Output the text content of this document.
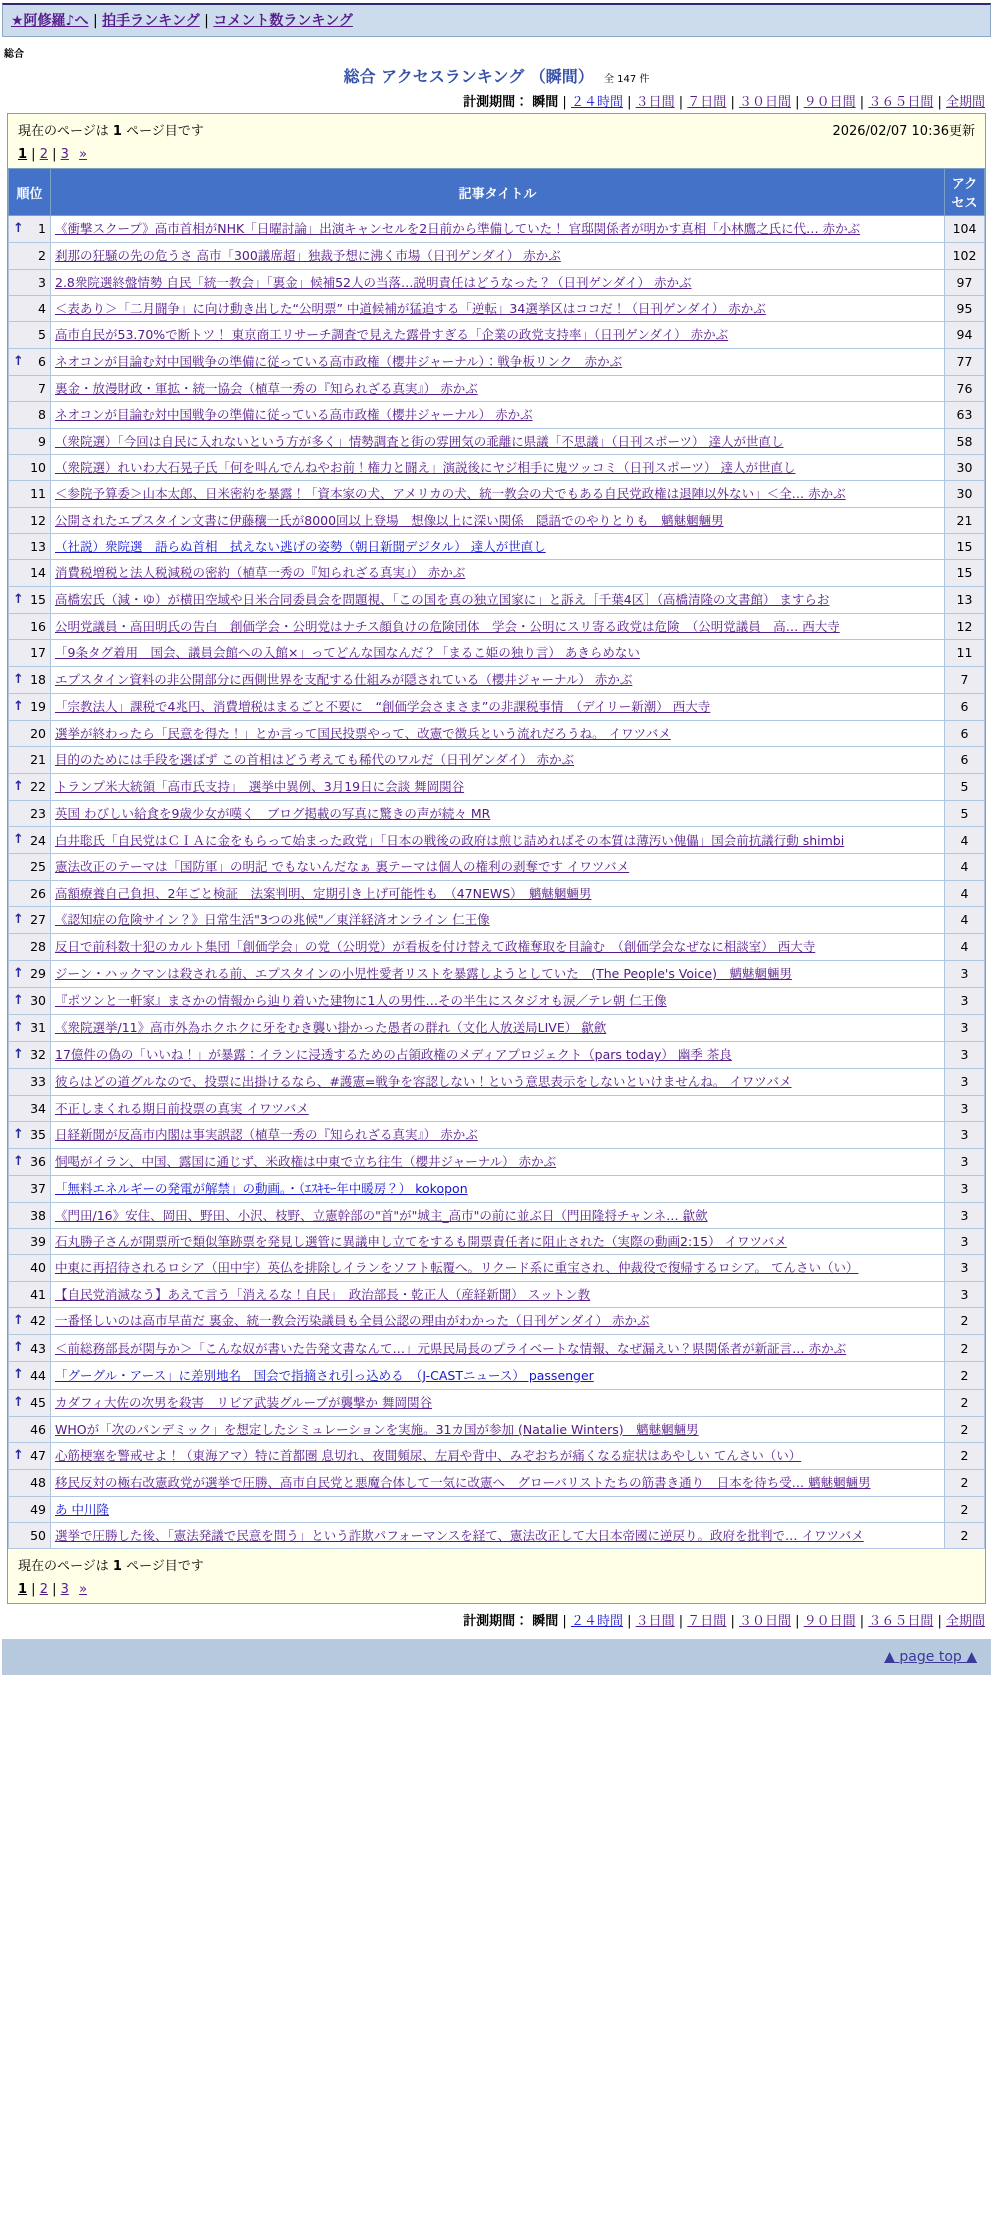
★阿修羅♪へ | 拍手ランキング | コメント数ランキング
総合
総合 アクセスランキング （瞬間） 全 147 件
計測期間： 瞬間 | ２４時間 | ３日間 | ７日間 | ３０日間 | ９０日間 | ３６５日間 | 全期間
現在のページは 1 ページ目です	2026/02/07 10:36更新
1 | 2 | 3 »
順位	記事タイトル	アクセス

↑ 1	《衝撃スクープ》高市首相がNHK「日曜討論」出演キャンセルを2日前から準備していた！ 官邸関係者が明かす真相「小林鷹之氏に代… 赤かぶ	104

2	刹那の狂騒の先の危うさ 高市「300議席超」独裁予想に沸く市場（日刊ゲンダイ） 赤かぶ	102

3	2.8衆院選終盤情勢 自民「統一教会」「裏金」候補52人の当落…説明責任はどうなった？（日刊ゲンダイ） 赤かぶ	97

4	＜表あり＞「二月闘争」に向け動き出した“公明票” 中道候補が猛追する「逆転」34選挙区はココだ！（日刊ゲンダイ） 赤かぶ	95

5	高市自民が53.70%で断トツ！ 東京商工リサーチ調査で見えた露骨すぎる「企業の政党支持率」（日刊ゲンダイ） 赤かぶ	94

↑ 6	ネオコンが目論む対中国戦争の準備に従っている高市政権（櫻井ジャーナル）：戦争板リンク　赤かぶ	77

7	裏金・放漫財政・軍拡・統一協会（植草一秀の『知られざる真実』） 赤かぶ	76

8	ネオコンが目論む対中国戦争の準備に従っている高市政権（櫻井ジャーナル） 赤かぶ	63

9	（衆院選）「今回は自民に入れないという方が多く」情勢調査と街の雰囲気の乖離に県議「不思議」（日刊スポーツ） 達人が世直し	58

10	（衆院選）れいわ大石晃子氏「何を叫んでんねやお前！権力と闘え」演説後にヤジ相手に鬼ツッコミ（日刊スポーツ） 達人が世直し	30

11	＜参院予算委＞山本太郎、日米密約を暴露！「資本家の犬、アメリカの犬、統一教会の犬でもある自民党政権は退陣以外ない」＜全… 赤かぶ	30

12	公開されたエプスタイン文書に伊藤穰一氏が8000回以上登場　想像以上に深い関係　隠語でのやりとりも　魑魅魍魎男	21

13	（社説）衆院選　語らぬ首相　拭えない逃げの姿勢（朝日新聞デジタル） 達人が世直し	15

14	消費税増税と法人税減税の密約（植草一秀の『知られざる真実』） 赤かぶ	15

↑ 15	高橋宏氏（減・ゆ）が横田空域や日米合同委員会を問題視、「この国を真の独立国家に」と訴え［千葉4区］（高橋清隆の文書館） ますらお	13

16	公明党議員・高田明氏の告白　創価学会・公明党はナチス顔負けの危険団体　学会・公明にスリ寄る政党は危険　（公明党議員　高… 西大寺	12

17	「9条タグ着用　国会、議員会館への入館×」ってどんな国なんだ？「まるこ姫の独り言） あきらめない	11

↑ 18	エプスタイン資料の非公開部分に西側世界を支配する仕組みが隠されている（櫻井ジャーナル） 赤かぶ	7

↑ 19	「宗教法人」課税で4兆円、消費増税はまるごと不要に　“創価学会さまさま”の非課税事情　（デイリー新潮） 西大寺	6

20	選挙が終わったら「民意を得た！」とか言って国民投票やって、改憲で徴兵という流れだろうね。 イワツバメ	6

21	目的のためには手段を選ばず この首相はどう考えても稀代のワルだ（日刊ゲンダイ） 赤かぶ	6

↑ 22	トランプ米大統領「高市氏支持」　選挙中異例、3月19日に会談 舞岡関谷	5

23	英国 わびしい給食を9歳少女が嘆く　ブログ掲載の写真に驚きの声が続々 MR	5

↑ 24	白井聡氏「自民党はＣＩＡに金をもらって始まった政党」「日本の戦後の政府は煎じ詰めればその本質は薄汚い傀儡」国会前抗議行動 shimbi	4

25	憲法改正のテーマは「国防軍」の明記 でもないんだなぁ 裏テーマは個人の権利の剥奪です イワツバメ	4

26	高額療養自己負担、2年ごと検証　法案判明、定期引き上げ可能性も　（47NEWS）　魑魅魍魎男	4

↑ 27	《認知症の危険サイン？》日常生活"3つの兆候"／東洋経済オンライン 仁王像	4

28	反日で前科数十犯のカルト集団「創価学会」の党（公明党）が看板を付け替えて政権奪取を目論む　（創価学会なぜなに相談室） 西大寺	4

↑ 29	ジーン・ハックマンは殺される前、エプスタインの小児性愛者リストを暴露しようとしていた　(The People's Voice)　魑魅魍魎男	3

↑ 30	『ポツンと一軒家』まさかの情報から辿り着いた建物に1人の男性…その半生にスタジオも涙／テレ朝 仁王像	3

↑ 31	《衆院選挙/11》高市外為ホクホクに牙をむき襲い掛かった愚者の群れ（文化人放送局LIVE） 歙歛	3

↑ 32	17億件の偽の「いいね！」が暴露：イランに浸透するための占領政権のメディアプロジェクト（pars today） 幽季 茶良	3

33	彼らはどの道グルなので、投票に出掛けるなら、#護憲=戦争を容認しない！という意思表示をしないといけませんね。 イワツバメ	3

34	不正しまくれる期日前投票の真実 イワツバメ	3

↑ 35	日経新聞が反高市内閣は事実誤認（植草一秀の『知られざる真実』） 赤かぶ	3

↑ 36	恫喝がイラン、中国、露国に通じず、米政権は中東で立ち往生（櫻井ジャーナル） 赤かぶ	3

37	「無料エネルギーの発電が解禁」の動画。・（ｴｽｷﾓｰ年中暖房？） kokopon	3

38	《門田/16》安住、岡田、野田、小沢、枝野、立憲幹部の"首"が"城主_高市"の前に並ぶ日（門田隆将チャンネ… 歙歛	3

39	石丸勝子さんが開票所で類似筆跡票を発見し選管に異議申し立てをするも開票責任者に阻止された（実際の動画2:15） イワツバメ	3

40	中東に再招待されるロシア（田中宇）英仏を排除しイランをソフト転覆へ。リクード系に重宝され、仲裁役で復帰するロシア。 てんさい（い）	3

41	【自民党消滅なう】あえて言う「消えるな！自民」　政治部長・乾正人（産経新聞） スットン教	3

↑ 42	一番怪しいのは高市早苗だ 裏金、統一教会汚染議員も全員公認の理由がわかった（日刊ゲンダイ） 赤かぶ	2

↑ 43	＜前総務部長が関与か＞「こんな奴が書いた告発文書なんて…」元県民局長のプライベートな情報、なぜ漏えい？県関係者が新証言… 赤かぶ	2

↑ 44	「グーグル・アース」に差別地名　国会で指摘され引っ込める　（J-CASTニュース） passenger	2

↑ 45	カダフィ大佐の次男を殺害　リビア武装グループが襲撃か 舞岡関谷	2

46	WHOが「次のパンデミック」を想定したシミュレーションを実施。31カ国が参加 (Natalie Winters)　魑魅魍魎男	2

↑ 47	心筋梗塞を警戒せよ！（東海アマ）特に首都圏 息切れ、夜間頻尿、左肩や背中、みぞおちが痛くなる症状はあやしい てんさい（い）	2

48	移民反対の極右改憲政党が選挙で圧勝、高市自民党と悪魔合体して一気に改憲へ　グローバリストたちの筋書き通り　日本を待ち受… 魑魅魍魎男	2

49	あ 中川隆	2

50	選挙で圧勝した後、「憲法発議で民意を問う」という詐欺パフォーマンスを経て、憲法改正して大日本帝國に逆戻り。政府を批判で… イワツバメ	2
現在のページは 1 ページ目です
1 | 2 | 3 »
計測期間： 瞬間 | ２４時間 | ３日間 | ７日間 | ３０日間 | ９０日間 | ３６５日間 | 全期間
▲ page top ▲
